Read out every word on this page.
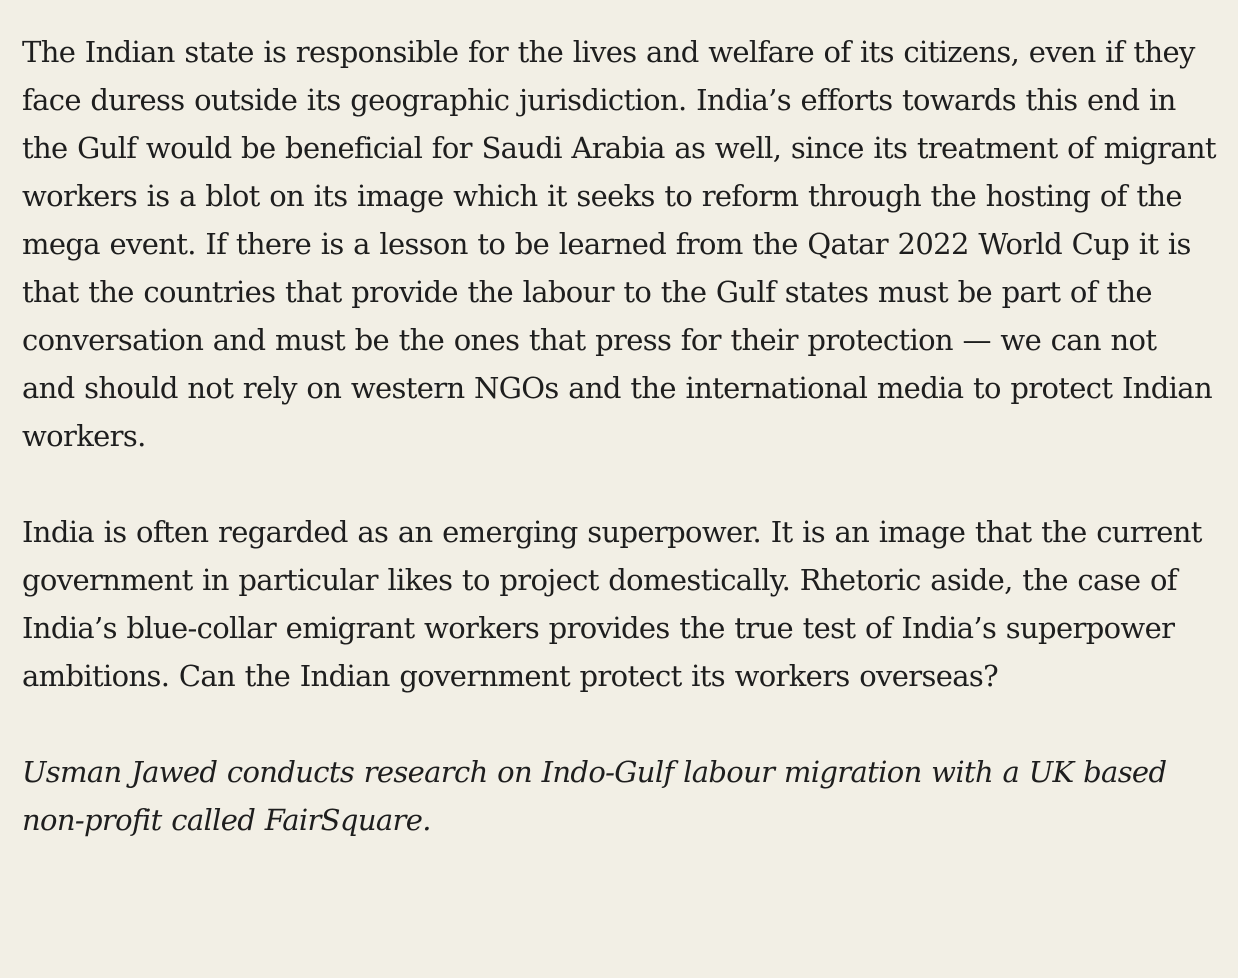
The Indian state is responsible for the lives and welfare of its citizens, even if they face duress outside its geographic jurisdiction. India’s efforts towards this end in the Gulf would be beneficial for Saudi Arabia as well, since its treatment of migrant workers is a blot on its image which it seeks to reform through the hosting of the mega event. If there is a lesson to be learned from the Qatar 2022 World Cup it is that the countries that provide the labour to the Gulf states must be part of the conversation and must be the ones that press for their protection — we can not and should not rely on western NGOs and the international media to protect Indian workers.

India is often regarded as an emerging superpower. It is an image that the current government in particular likes to project domestically. Rhetoric aside, the case of India’s blue-collar emigrant workers provides the true test of India’s superpower ambitions. Can the Indian government protect its workers overseas?

Usman Jawed conducts research on Indo-Gulf labour migration with a UK based non-profit called FairSquare.
